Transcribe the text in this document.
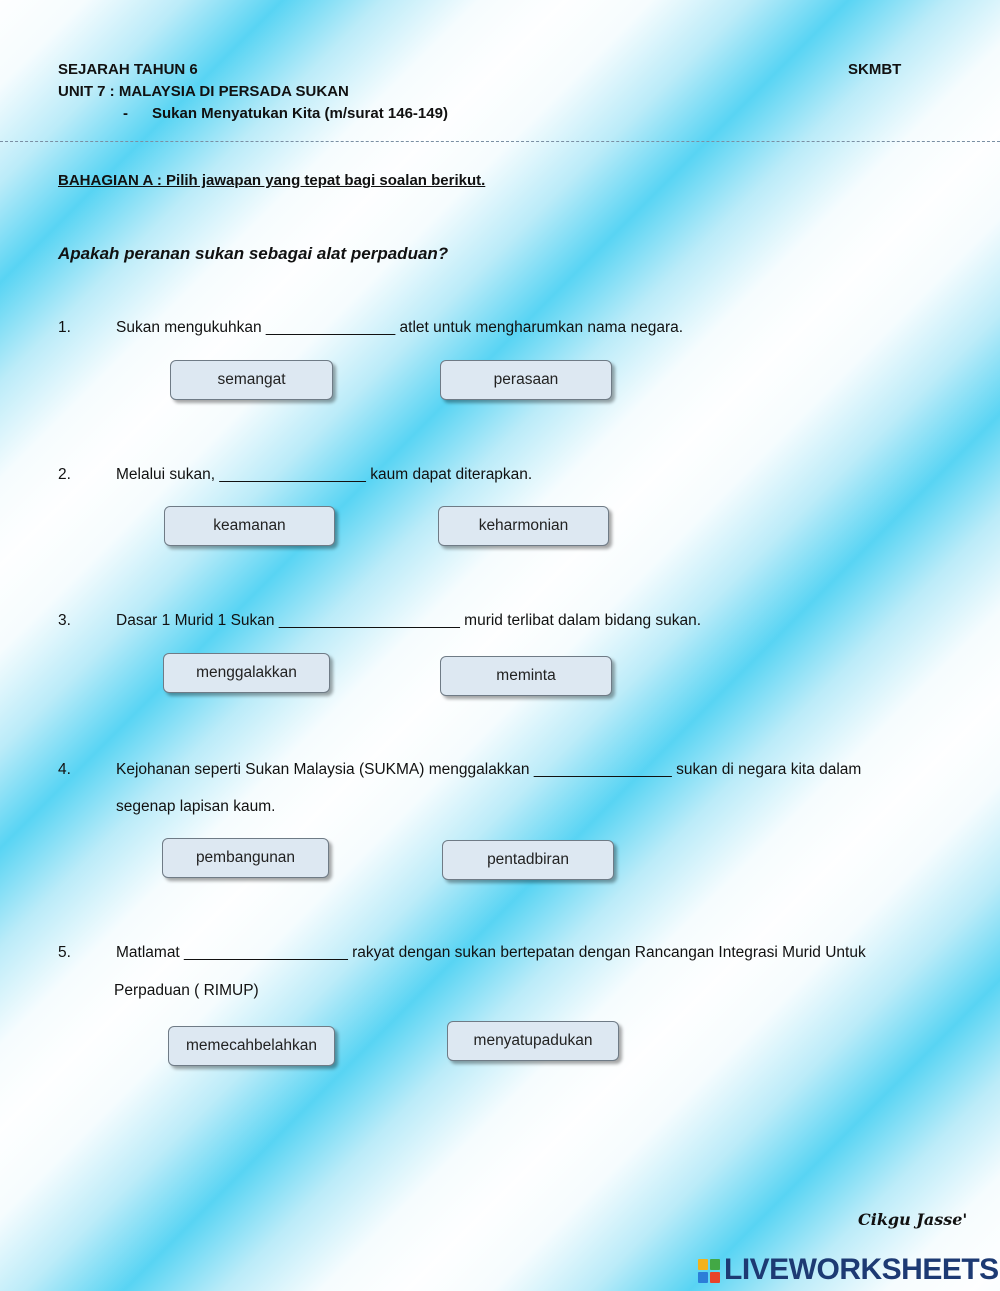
SEJARAH TAHUN 6	SKMBT
UNIT 7 : MALAYSIA DI PERSADA SUKAN
- Sukan Menyatukan Kita (m/surat 146-149)
BAHAGIAN A : Pilih jawapan yang tepat bagi soalan berikut.
Apakah peranan sukan sebagai alat perpaduan?
1.	Sukan mengukuhkan _______________ atlet untuk mengharumkan nama negara.
semangat	perasaan
2.	Melalui sukan, _________________ kaum dapat diterapkan.
keamanan	keharmonian
3.	Dasar 1 Murid 1 Sukan _____________________ murid terlibat dalam bidang sukan.
menggalakkan	meminta
4.	Kejohanan seperti Sukan Malaysia (SUKMA) menggalakkan ________________ sukan di negara kita dalam
segenap lapisan kaum.
pembangunan	pentadbiran
5.	Matlamat ___________________ rakyat dengan sukan bertepatan dengan Rancangan Integrasi Murid Untuk
Perpaduan ( RIMUP)
memecahbelahkan	menyatupadukan
Cikgu Jasse'
LIVEWORKSHEETS
